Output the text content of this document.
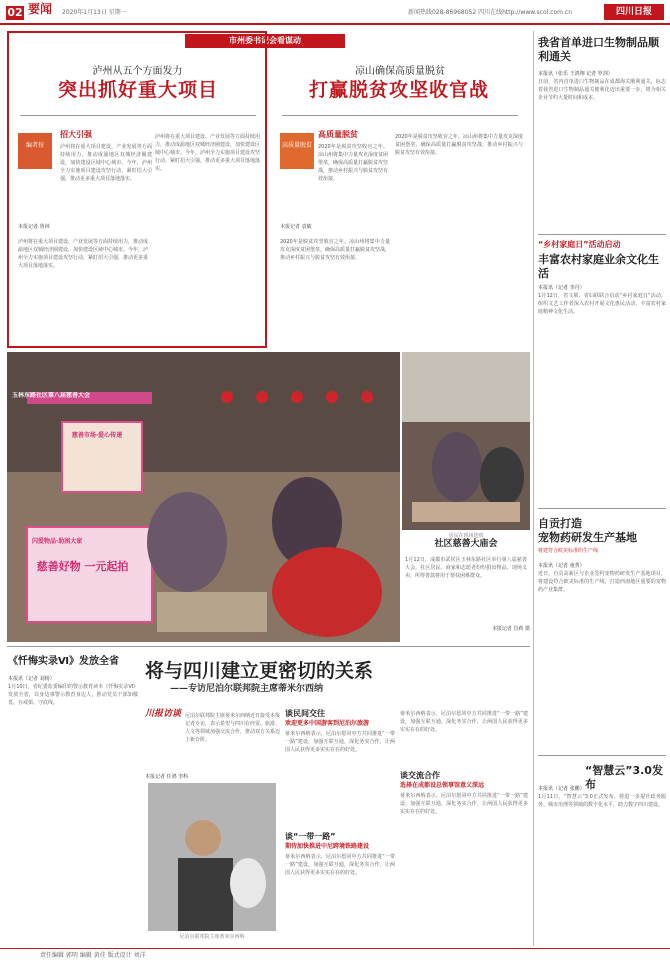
02 要闻 2020年1月13日 星期一	新闻热线028-86968052 四川在线http://www.scol.com.cn	四川日报
市州委书记会看谋动
泸州从五个方面发力
突出抓好重大项目
凉山确保高质量脱贫
打赢脱贫攻坚收官战
编者按
招大引强
泸州将在重大项目建设、产业发展等方面持续用力，推动成渝地区双城经济圈建设，加快建设区域中心城市。今年，泸州全力实施项目建设攻坚行动，紧盯招大引强，推动更多重大项目落地落实。
本报记者 鲁林
泸州将在重大项目建设、产业发展等方面持续用力，推动成渝地区双城经济圈建设，加快建设区域中心城市。今年，泸州全力实施项目建设攻坚行动，紧盯招大引强，推动更多重大项目落地落实。
泸州将在重大项目建设、产业发展等方面持续用力，推动成渝地区双城经济圈建设，加快建设区域中心城市。今年，泸州全力实施项目建设攻坚行动，紧盯招大引强，推动更多重大项目落地落实。
高质量脱贫
高质量脱贫
2020年是脱贫攻坚收官之年。凉山州将集中力量攻克深度贫困堡垒，确保高质量打赢脱贫攻坚战，推动乡村振兴与脱贫攻坚有效衔接。
本报记者 袁敏
2020年是脱贫攻坚收官之年。凉山州将集中力量攻克深度贫困堡垒，确保高质量打赢脱贫攻坚战，推动乡村振兴与脱贫攻坚有效衔接。
2020年是脱贫攻坚收官之年。凉山州将集中力量攻克深度贫困堡垒，确保高质量打赢脱贫攻坚战，推动乡村振兴与脱贫攻坚有效衔接。
我省首单进口生物制品顺利通关
本报讯（张乐 王鸿翔 记者 罗剑）
日前，省内首单进口生物制品在成都海关顺利通关，标志着我省进口生物制品通关便利化迈出重要一步，将为相关企业节约大量时间和成本。
“乡村家庭日”活动启动
丰富农村家庭业余文化生活
本报讯（记者 李丹）
1月12日，省文联、省妇联联合启动“乡村家庭日”活动，组织文艺工作者深入农村开展文化惠民活动，丰富农村家庭精神文化生活。
自贡打造
宠物药研发生产基地
将建符合欧美标准的生产线
本报讯（记者 童菁）
近日，自贡高新区与企业签约宠物药研发生产基地项目，将建设符合欧美标准的生产线，打造西南地区重要的宠物药产业集群。
“智慧云”3.0发布
本报讯（记者 张鹏）
1月11日，“智慧云”3.0正式发布，将进一步提升政务服务、城市治理等领域的数字化水平，助力数字四川建设。
玉林东路社区第八届慈善大会
慈善市场·爱心传递
闪爱物品·助困大家
慈善好物 一元起拍
居民在现场选购
社区慈善大庙会
1月12日，成都市武侯区玉林东路社区举行第八届慈善大会，社区居民、商家和志愿者纷纷捐出物品，现场义卖，所得善款将用于帮扶困难群众。
本报记者 肖莉 摄
大爷在玉林社区慈善大会上挑选物品
《忏悔实录Ⅵ》发放全省
本报讯（记者 刘杨）
1月10日，省纪委监委编印的警示教育读本《忏悔实录Ⅵ》发放全省，以身边事警示教育身边人，推动党员干部知敬畏、存戒惧、守底线。
将与四川建立更密切的关系
——专访尼泊尔联邦院主席蒂米尔西纳
川报访谈 尼泊尔联邦院主席蒂米尔西纳近日接受本报记者专访，表示希望与四川在经贸、旅游、人文等领域加强交流合作，推动双方关系迈上新台阶。
本报记者 任鸿 李科
尼泊尔联邦院主席蒂米尔西纳
谈民间交往
欢迎更多中国游客到尼泊尔旅游
蒂米尔西纳表示，尼泊尔愿同中方共同推进“一带一路”建设，加强互联互通，深化务实合作，让两国人民获得更多实实在在的好处。
谈“一带一路”
期待加快推进中尼跨境铁路建设
蒂米尔西纳表示，尼泊尔愿同中方共同推进“一带一路”建设，加强互联互通，深化务实合作，让两国人民获得更多实实在在的好处。
蒂米尔西纳表示，尼泊尔愿同中方共同推进“一带一路”建设，加强互联互通，深化务实合作，让两国人民获得更多实实在在的好处。
谈交流合作
选择在成都设总领事馆意义深远
蒂米尔西纳表示，尼泊尔愿同中方共同推进“一带一路”建设，加强互联互通，深化务实合作，让两国人民获得更多实实在在的好处。
责任编辑 郭明 编辑 黄佳 版式设计 刘洋
